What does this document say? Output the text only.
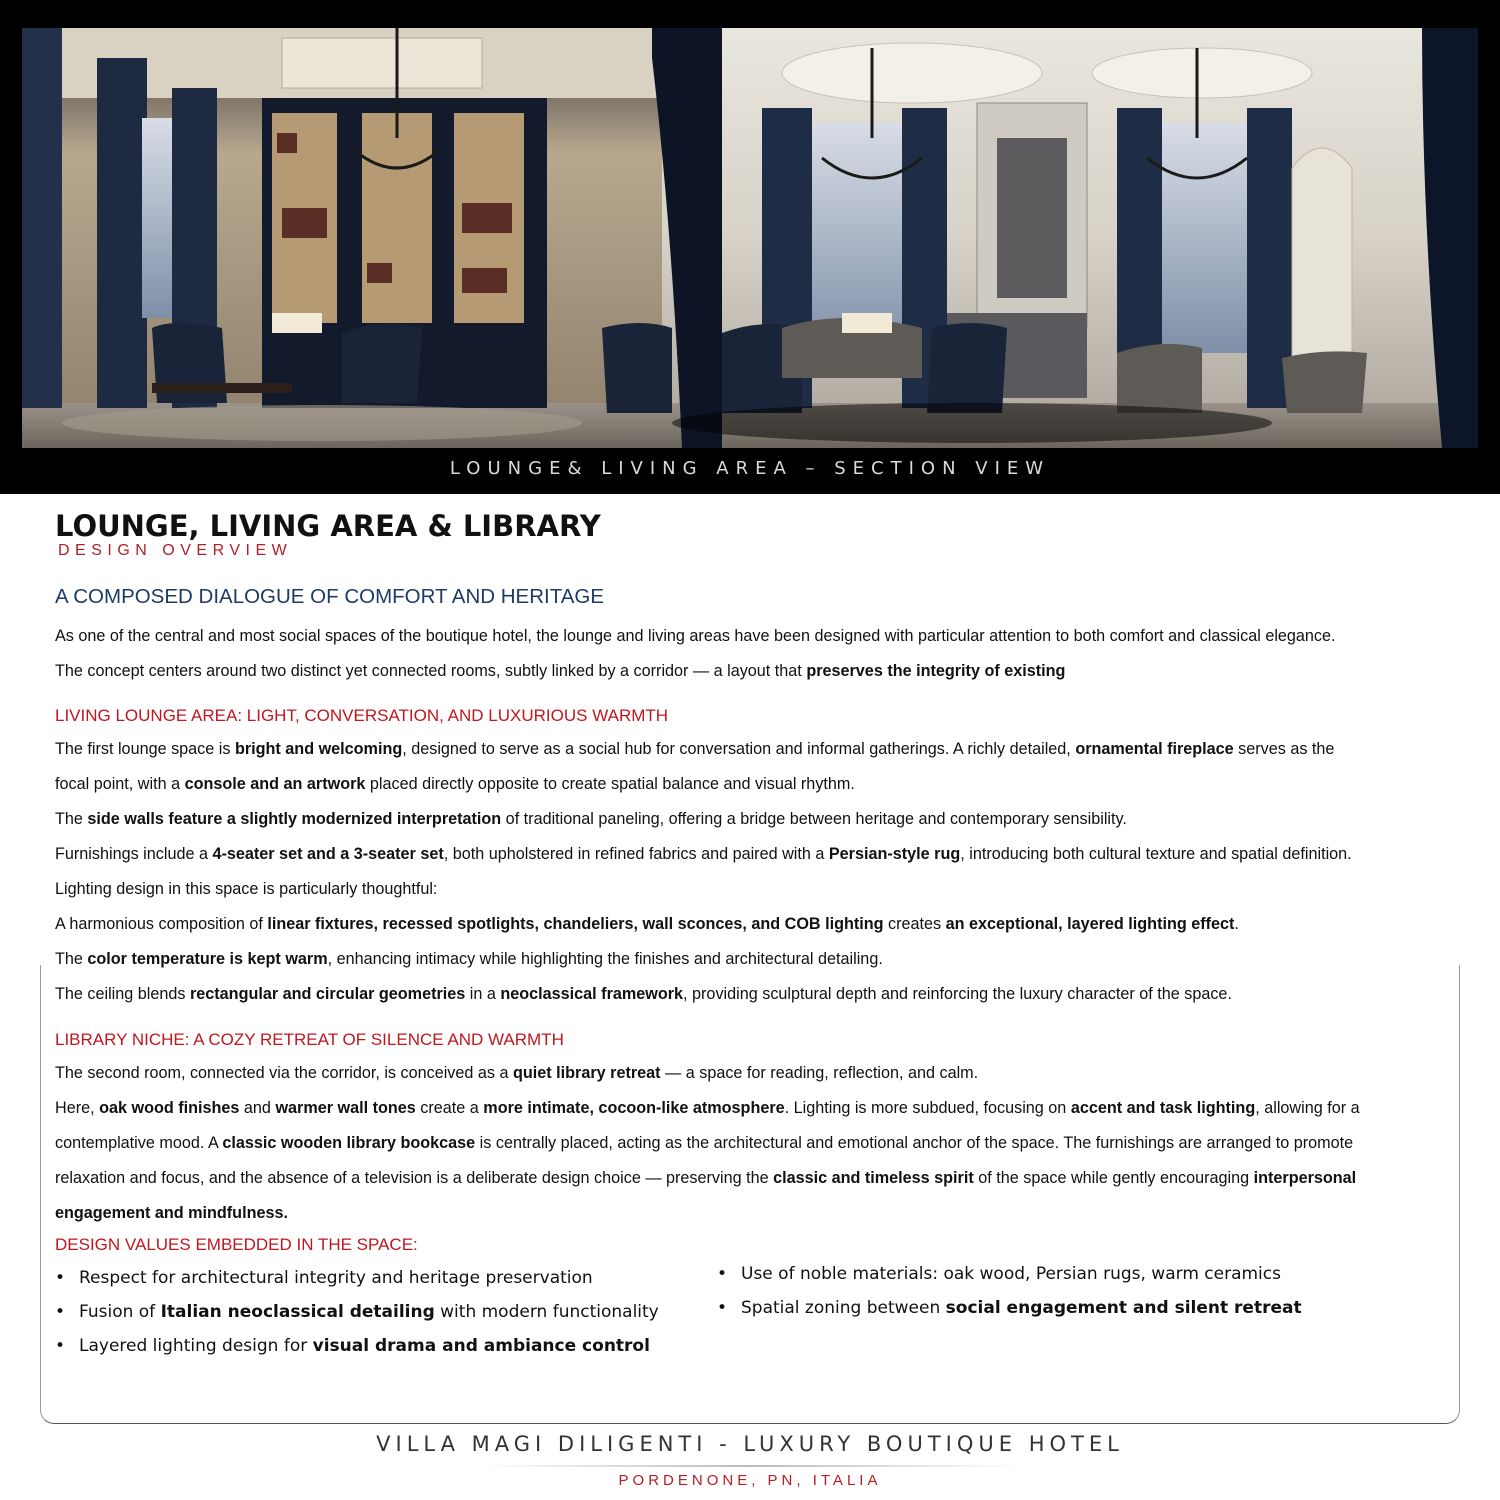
LOUNGE& LIVING AREA – SECTION VIEW
LOUNGE, LIVING AREA & LIBRARY
DESIGN OVERVIEW
A COMPOSED DIALOGUE OF COMFORT AND HERITAGE

As one of the central and most social spaces of the boutique hotel, the lounge and living areas have been designed with particular attention to both comfort and classical elegance.

The concept centers around two distinct yet connected rooms, subtly linked by a corridor — a layout that preserves the integrity of existing

LIVING LOUNGE AREA: LIGHT, CONVERSATION, AND LUXURIOUS WARMTH

The first lounge space is bright and welcoming, designed to serve as a social hub for conversation and informal gatherings. A richly detailed, ornamental fireplace serves as the

focal point, with a console and an artwork placed directly opposite to create spatial balance and visual rhythm.

The side walls feature a slightly modernized interpretation of traditional paneling, offering a bridge between heritage and contemporary sensibility.

Furnishings include a 4-seater set and a 3-seater set, both upholstered in refined fabrics and paired with a Persian-style rug, introducing both cultural texture and spatial definition.

Lighting design in this space is particularly thoughtful:

A harmonious composition of linear fixtures, recessed spotlights, chandeliers, wall sconces, and COB lighting creates an exceptional, layered lighting effect.

The color temperature is kept warm, enhancing intimacy while highlighting the finishes and architectural detailing.

The ceiling blends rectangular and circular geometries in a neoclassical framework, providing sculptural depth and reinforcing the luxury character of the space.

LIBRARY NICHE: A COZY RETREAT OF SILENCE AND WARMTH

The second room, connected via the corridor, is conceived as a quiet library retreat — a space for reading, reflection, and calm.

Here, oak wood finishes and warmer wall tones create a more intimate, cocoon-like atmosphere. Lighting is more subdued, focusing on accent and task lighting, allowing for a

contemplative mood. A classic wooden library bookcase is centrally placed, acting as the architectural and emotional anchor of the space. The furnishings are arranged to promote

relaxation and focus, and the absence of a television is a deliberate design choice — preserving the classic and timeless spirit of the space while gently encouraging interpersonal

engagement and mindfulness.

DESIGN VALUES EMBEDDED IN THE SPACE:
• Respect for architectural integrity and heritage preservation
• Fusion of Italian neoclassical detailing with modern functionality
• Layered lighting design for visual drama and ambiance control
• Use of noble materials: oak wood, Persian rugs, warm ceramics
• Spatial zoning between social engagement and silent retreat
VILLA MAGI DILIGENTI - LUXURY BOUTIQUE HOTEL
PORDENONE, PN, ITALIA
